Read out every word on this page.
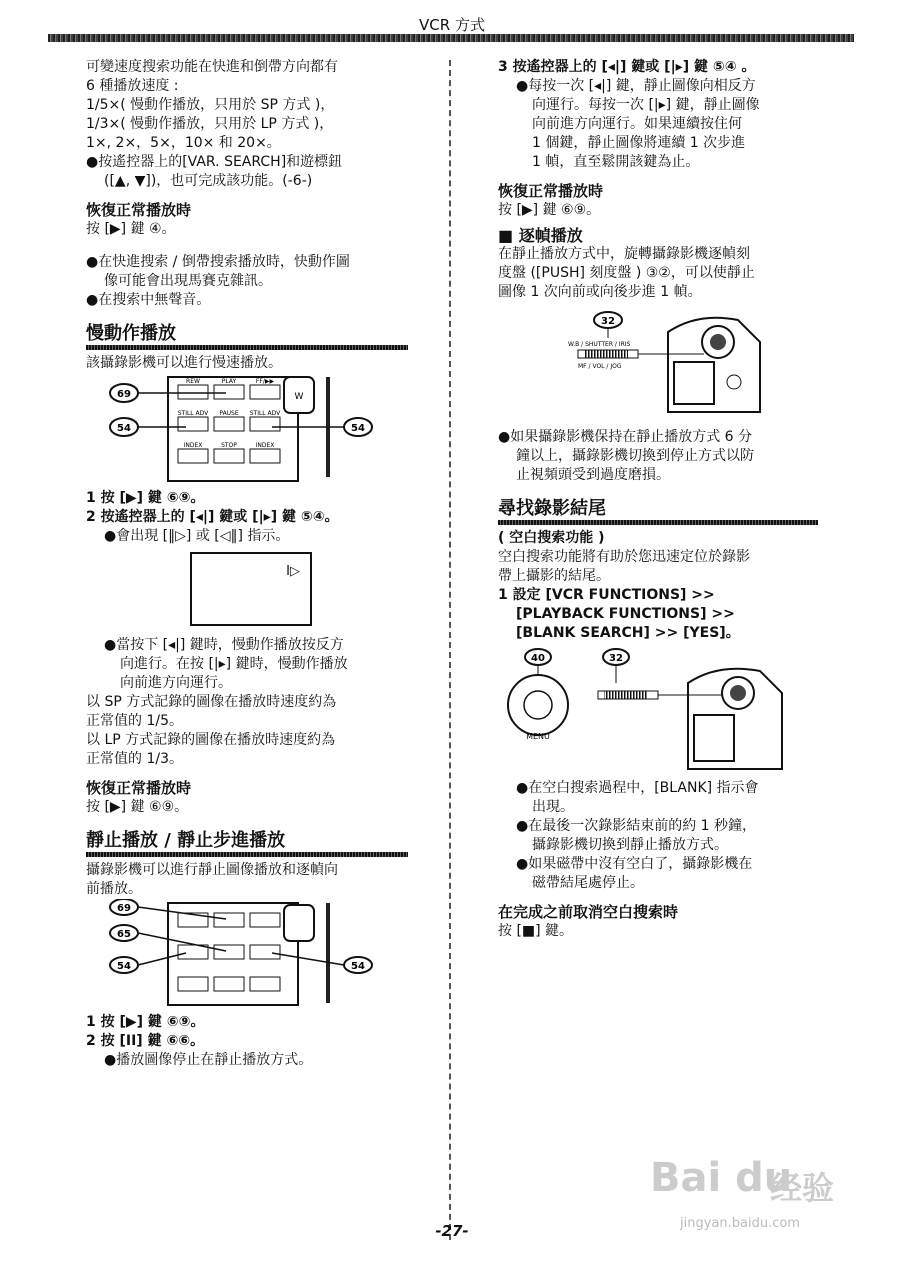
VCR 方式

可變速度搜索功能在快進和倒帶方向都有

6 種播放速度 :

1/5×( 慢動作播放，只用於 SP 方式 )，

1/3×( 慢動作播放，只用於 LP 方式 )，

1×, 2×，5×，10× 和 20×。

●按遙控器上的[VAR. SEARCH]和遊標鈕

([▲, ▼])，也可完成該功能。(-6-)

恢復正常播放時

按 [▶] 鍵 ④。

●在快進搜索 / 倒帶搜索播放時，快動作圖

像可能會出現馬賽克雜訊。

●在搜索中無聲音。

慢動作播放

該攝錄影機可以進行慢速播放。

69
54	54
REW	PLAY	FF/▶▶
STILL ADV PAUSE STILL ADV
INDEX	STOP	INDEX
W

1 按 [▶] 鍵 ⑥⑨。

2 按遙控器上的 [◂|] 鍵或 [|▸] 鍵 ⑤④。

●會出現 [‖▷] 或 [◁‖] 指示。

I▷

●當按下 [◂|] 鍵時，慢動作播放按反方

向進行。在按 [|▸] 鍵時，慢動作播放

向前進方向運行。

以 SP 方式記錄的圖像在播放時速度約為

正常值的 1/5。

以 LP 方式記錄的圖像在播放時速度約為

正常值的 1/3。

恢復正常播放時

按 [▶] 鍵 ⑥⑨。

靜止播放 / 靜止步進播放

攝錄影機可以進行靜止圖像播放和逐幀向

前播放。

69
65
54	54

1 按 [▶] 鍵 ⑥⑨。

2 按 [II] 鍵 ⑥⑥。

●播放圖像停止在靜止播放方式。

3 按遙控器上的 [◂|] 鍵或 [|▸] 鍵 ⑤④ 。

●每按一次 [◂|] 鍵，靜止圖像向相反方

向運行。每按一次 [|▸] 鍵，靜止圖像

向前進方向運行。如果連續按住何

1 個鍵，靜止圖像將連續 1 次步進

1 幀，直至鬆開該鍵為止。

恢復正常播放時

按 [▶] 鍵 ⑥⑨。

■ 逐幀播放

在靜止播放方式中，旋轉攝錄影機逐幀刻

度盤 ([PUSH] 刻度盤 ) ③②，可以使靜止

圖像 1 次向前或向後步進 1 幀。

32
W.B / SHUTTER / IRIS
MF / VOL / JOG

●如果攝錄影機保持在靜止播放方式 6 分

鐘以上，攝錄影機切換到停止方式以防

止視頻頭受到過度磨損。

尋找錄影結尾

( 空白搜索功能 )

空白搜索功能將有助於您迅速定位於錄影

帶上攝影的結尾。

1 設定 [VCR FUNCTIONS] >>

[PLAYBACK FUNCTIONS] >>

[BLANK SEARCH] >> [YES]。

40	32
MENU

●在空白搜索過程中，[BLANK] 指示會

出現。

●在最後一次錄影結束前的約 1 秒鐘，

攝錄影機切換到靜止播放方式。

●如果磁帶中沒有空白了，攝錄影機在

磁帶結尾處停止。

在完成之前取消空白搜索時

按 [■] 鍵。

-27-
Bai du
经验
jingyan.baidu.com
